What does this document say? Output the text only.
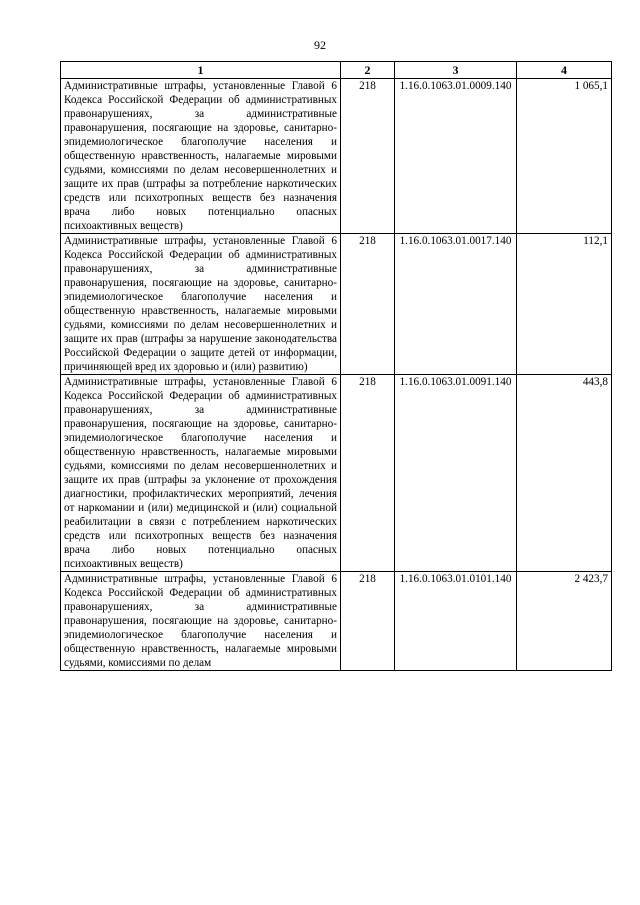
92
1	2	3	4
Административные штрафы, установленные Главой 6 Кодекса Российской Федерации об административных правонарушениях, за административные правонарушения, посягающие на здоровье, санитарно-эпидемиологическое благополучие населения и общественную нравственность, налагаемые мировыми судьями, комиссиями по делам несовершеннолетних и защите их прав (штрафы за потребление наркотических средств или психотропных веществ без назначения врача либо новых потенциально опасных психоактивных веществ)	218	1.16.0.1063.01.0009.140	1 065,1
Административные штрафы, установленные Главой 6 Кодекса Российской Федерации об административных правонарушениях, за административные правонарушения, посягающие на здоровье, санитарно-эпидемиологическое благополучие населения и общественную нравственность, налагаемые мировыми судьями, комиссиями по делам несовершеннолетних и защите их прав (штрафы за нарушение законодательства Российской Федерации о защите детей от информации, причиняющей вред их здоровью и (или) развитию)	218	1.16.0.1063.01.0017.140	112,1
Административные штрафы, установленные Главой 6 Кодекса Российской Федерации об административных правонарушениях, за административные правонарушения, посягающие на здоровье, санитарно-эпидемиологическое благополучие населения и общественную нравственность, налагаемые мировыми судьями, комиссиями по делам несовершеннолетних и защите их прав (штрафы за уклонение от прохождения диагностики, профилактических мероприятий, лечения от наркомании и (или) медицинской и (или) социальной реабилитации в связи с потреблением наркотических средств или психотропных веществ без назначения врача либо новых потенциально опасных психоактивных веществ)	218	1.16.0.1063.01.0091.140	443,8
Административные штрафы, установленные Главой 6 Кодекса Российской Федерации об административных правонарушениях, за административные правонарушения, посягающие на здоровье, санитарно-эпидемиологическое благополучие населения и общественную нравственность, налагаемые мировыми судьями, комиссиями по делам	218	1.16.0.1063.01.0101.140	2 423,7
